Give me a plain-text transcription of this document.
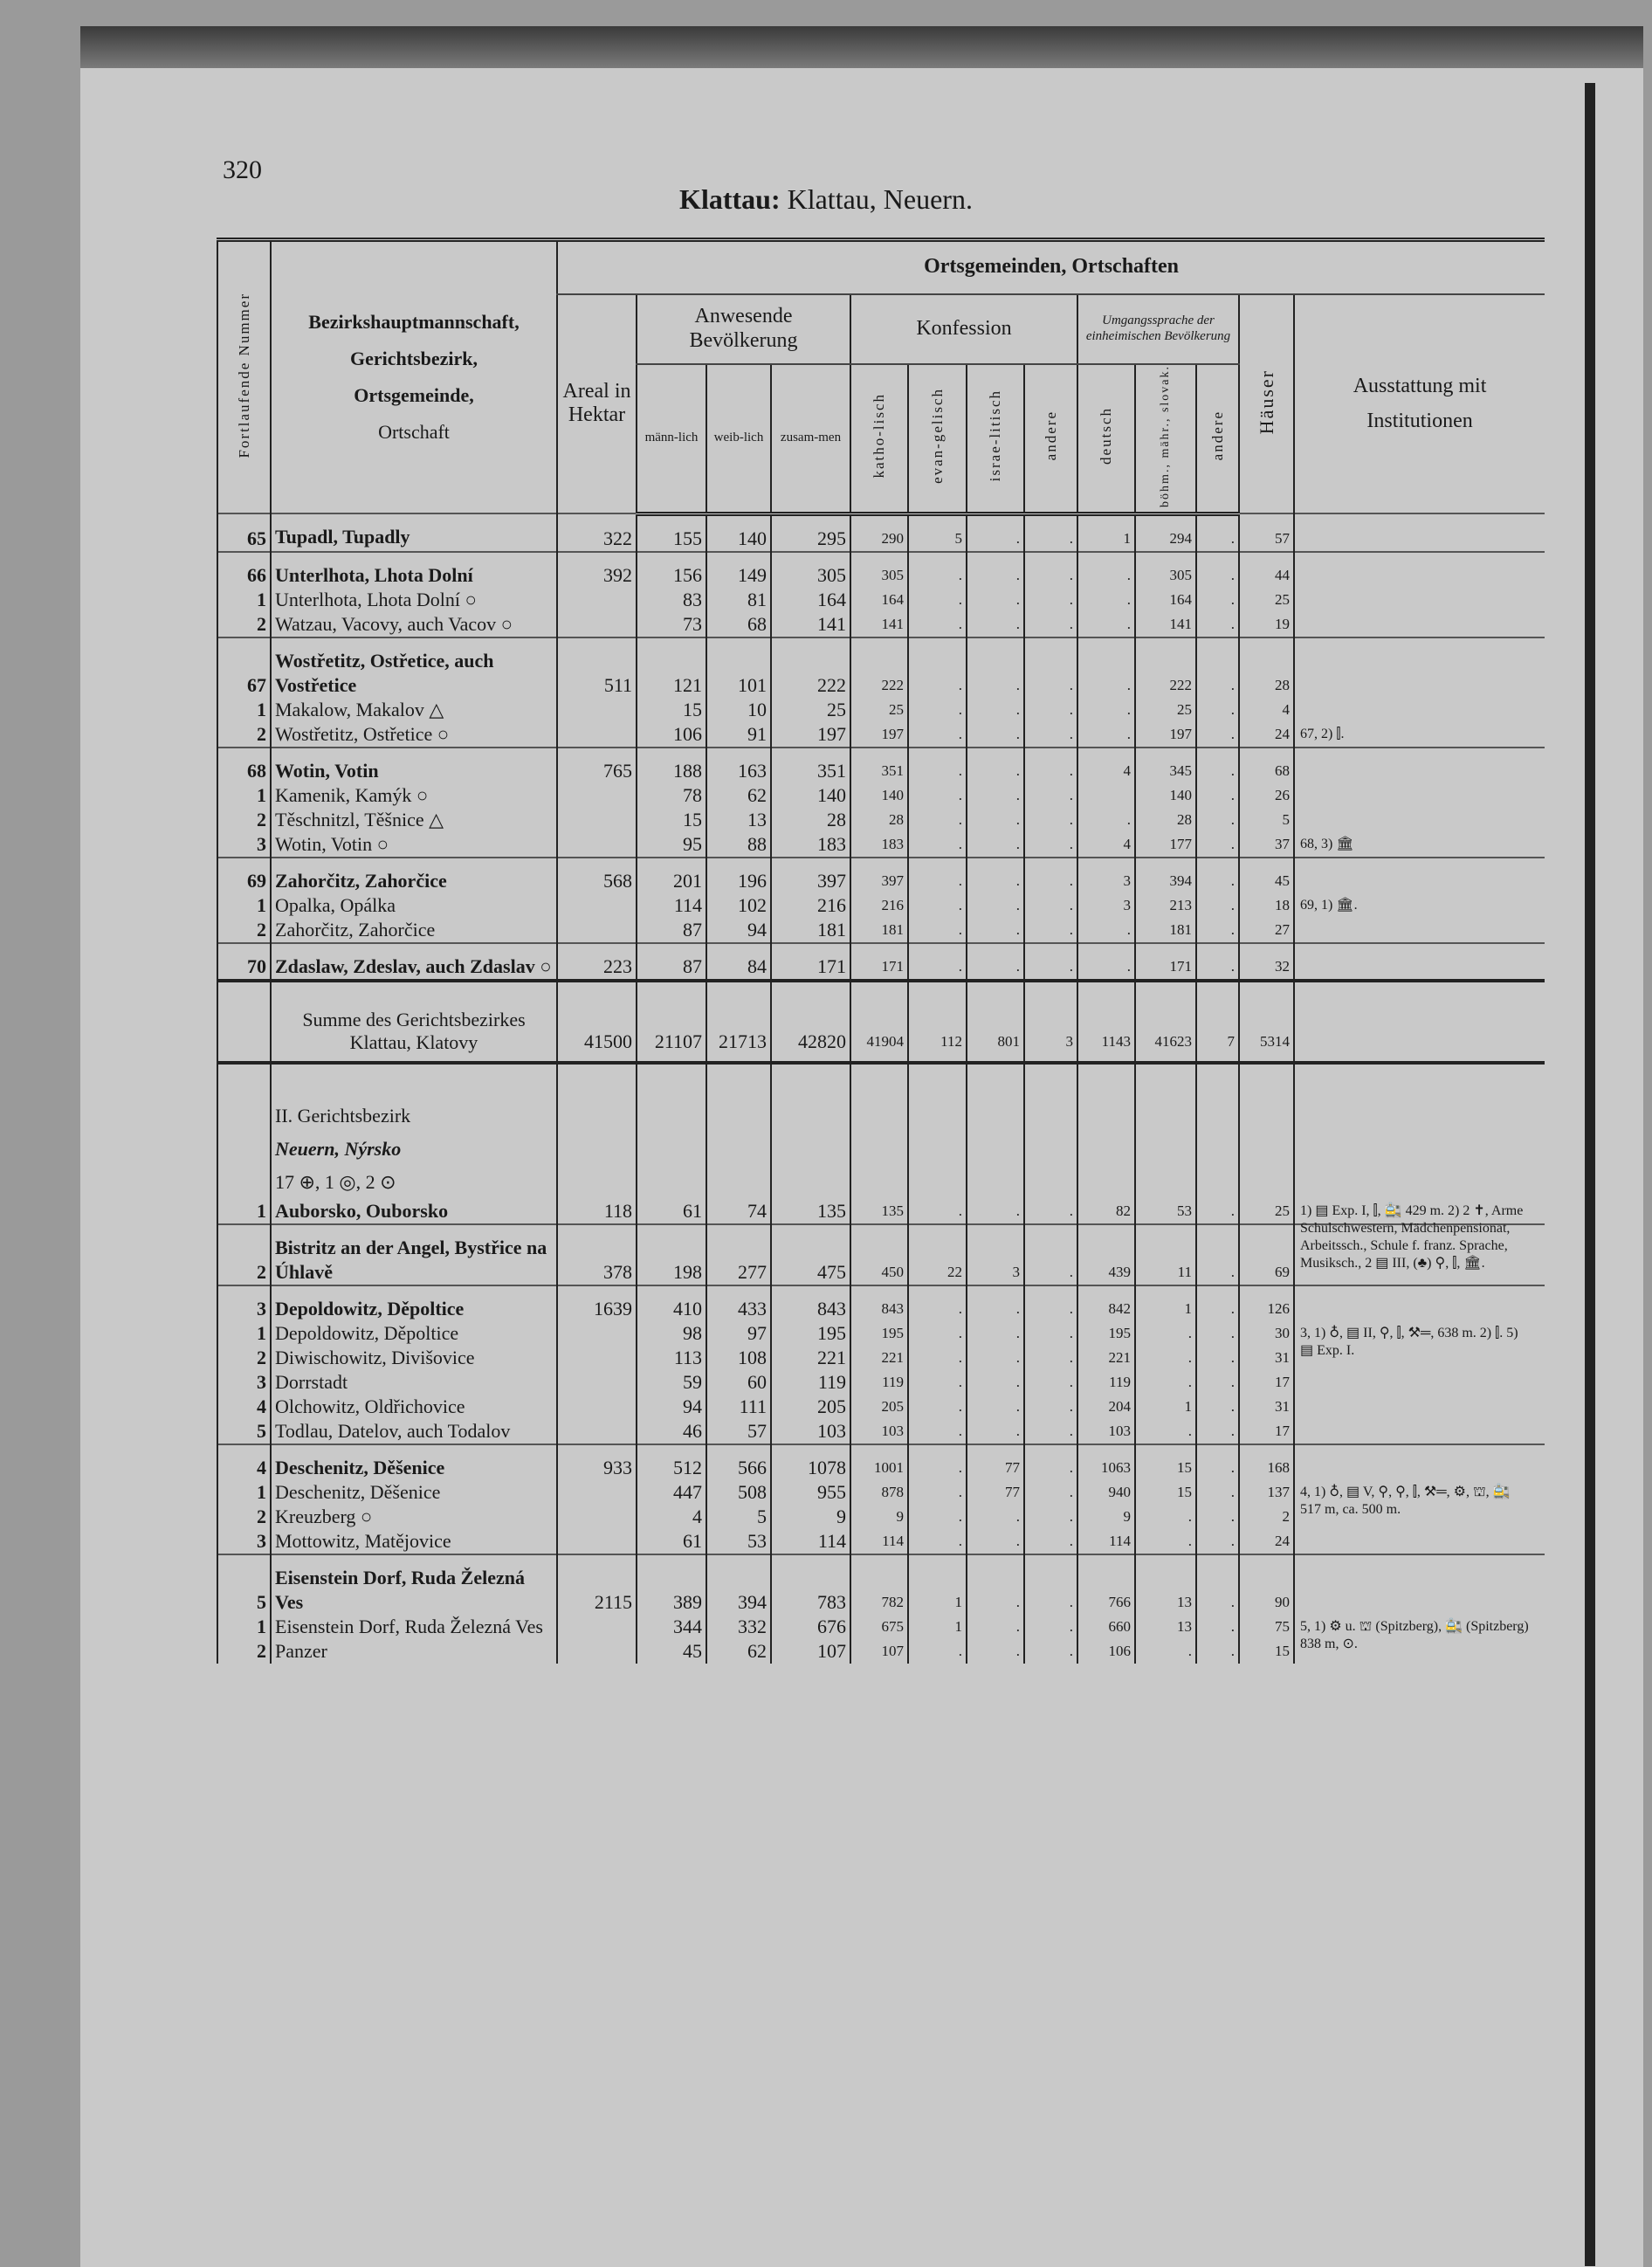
320
Klattau: Klattau, Neuern.
Fortlaufende Nummer	Bezirkshauptmannschaft,
Gerichtsbezirk,
Ortsgemeinde,
Ortschaft	Ortsgemeinden, Ortschaften												
		Areal in Hektar	Anwesende Bevölkerung			Konfession				Umgangssprache der einheimischen Bevölkerung			Häuser	Ausstattung mit Institutionen
			männ-lich	weib-lich	zusam-men	katho-lisch	evan-gelisch	israe-litisch	andere	deutsch	böhm., mähr., slovak.	andere		
65	Tupadl, Tupadly	322	155	140	295	290	5	.	.	1	294	.	57	
66	Unterlhota, Lhota Dolní	392	156	149	305	305	.	.	.	.	305	.	44	
1	Unterlhota, Lhota Dolní ○		83	81	164	164	.	.	.	.	164	.	25	
2	Watzau, Vacovy, auch Vacov ○		73	68	141	141	.	.	.	.	141	.	19	
67	Wostřetitz, Ostřetice, auch Vostřetice	511	121	101	222	222	.	.	.	.	222	.	28	
1	Makalow, Makalov △		15	10	25	25	.	.	.	.	25	.	4	
2	Wostřetitz, Ostřetice ○		106	91	197	197	.	.	.	.	197	.	24	67, 2) ⫿.

68	Wotin, Votin	765	188	163	351	351	.	.	.	4	345	.	68	
1	Kamenik, Kamýk ○		78	62	140	140	.	.	.		140	.	26	
2	Těschnitzl, Těšnice △		15	13	28	28	.	.	.	.	28	.	5	
3	Wotin, Votin ○		95	88	183	183	.	.	.	4	177	.	37	68, 3) 🏛

69	Zahorčitz, Zahorčice	568	201	196	397	397	.	.	.	3	394	.	45	
1	Opalka, Opálka		114	102	216	216	.	.	.	3	213	.	18	69, 1) 🏛.

2	Zahorčitz, Zahorčice		87	94	181	181	.	.	.	.	181	.	27	
70	Zdaslaw, Zdeslav, auch Zdaslav ○	223	87	84	171	171	.	.	.	.	171	.	32	
	Summe des Gerichtsbezirkes Klattau, Klatovy	41500	21107	21713	42820	41904	112	801	3	1143	41623	7	5314	

	II. Gerichtsbezirk
Neuern, Nýrsko
17 ⊕, 1 ◎, 2 ⊙													

1	Auborsko, Ouborsko	118	61	74	135	135	.	.	.	82	53	.	25	1) ▤ Exp. I, ⫿, 🚉 429 m. 2) 2 ✝, Arme Schulschwestern, Mädchenpensionat, Arbeitssch., Schule f. franz. Sprache, Musiksch., 2 ▤ III, (♣) ⚲, ⫿, 🏛.

2	Bistritz an der Angel, Bystřice na Úhlavě	378	198	277	475	450	22	3	.	439	11	.	69	
3	Depoldowitz, Děpoltice	1639	410	433	843	843	.	.	.	842	1	.	126	
1	Depoldowitz, Děpoltice		98	97	195	195	.	.	.	195	.	.	30	3, 1) ♁, ▤ II, ⚲, ⫿, ⚒═, 638 m. 2) ⫿. 5) ▤ Exp. I.

2	Diwischowitz, Divišovice		113	108	221	221	.	.	.	221	.	.	31	
3	Dorrstadt		59	60	119	119	.	.	.	119	.	.	17	
4	Olchowitz, Oldřichovice		94	111	205	205	.	.	.	204	1	.	31	
5	Todlau, Datelov, auch Todalov		46	57	103	103	.	.	.	103	.	.	17	
4	Deschenitz, Děšenice	933	512	566	1078	1001	.	77	.	1063	15	.	168	
1	Deschenitz, Děšenice		447	508	955	878	.	77	.	940	15	.	137	4, 1) ♁, ▤ V, ⚲, ⚲, ⫿, ⚒═, ⚙, ⛫, 🚉 517 m, ca. 500 m.

2	Kreuzberg ○		4	5	9	9	.	.	.	9	.	.	2	
3	Mottowitz, Matějovice		61	53	114	114	.	.	.	114	.	.	24	
5	Eisenstein Dorf, Ruda Železná Ves	2115	389	394	783	782	1	.	.	766	13	.	90	
1	Eisenstein Dorf, Ruda Železná Ves		344	332	676	675	1	.	.	660	13	.	75	5, 1) ⚙ u. ⛫ (Spitzberg), 🚉 (Spitzberg) 838 m, ⊙.

2	Panzer		45	62	107	107	.	.	.	106	.	.	15	
